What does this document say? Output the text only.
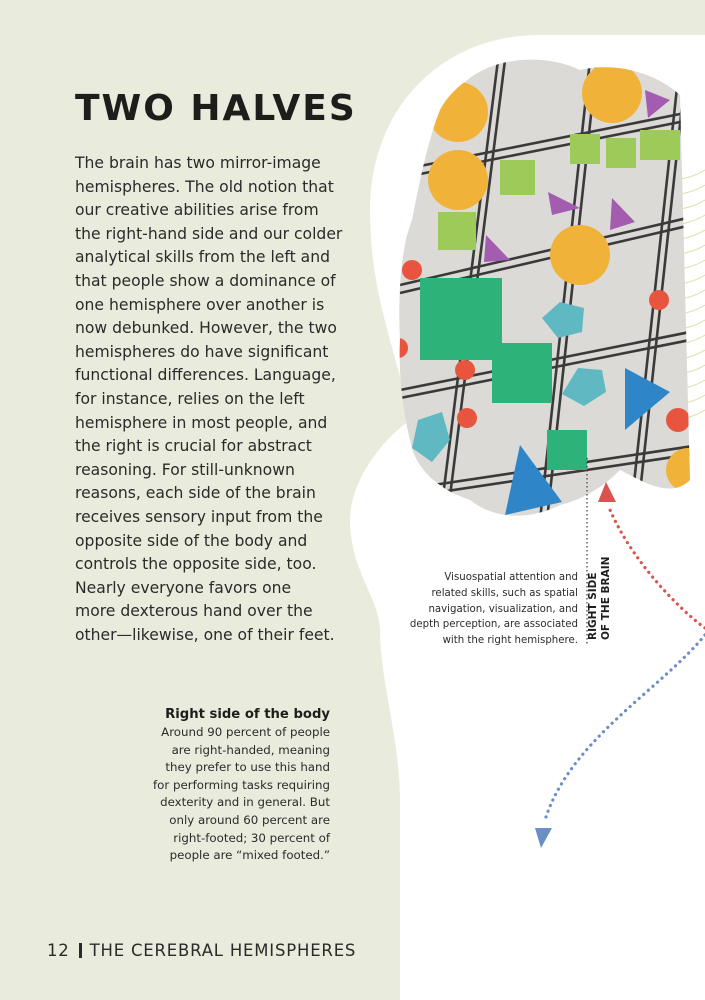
TWO HALVES

The brain has two mirror-image
hemispheres. The old notion that
our creative abilities arise from
the right-hand side and our colder
analytical skills from the left and
that people show a dominance of
one hemisphere over another is
now debunked. However, the two
hemispheres do have significant
functional differences. Language,
for instance, relies on the left
hemisphere in most people, and
the right is crucial for abstract
reasoning. For still-unknown
reasons, each side of the brain
receives sensory input from the
opposite side of the body and
controls the opposite side, too.
Nearly everyone favors one
more dexterous hand over the
other—likewise, one of their feet.

Visuospatial attention and
related skills, such as spatial
navigation, visualization, and
depth perception, are associated
with the right hemisphere.
RIGHT SIDE OF THE BRAIN
Right side of the body
Around 90 percent of people
are right-handed, meaning
they prefer to use this hand
for performing tasks requiring
dexterity and in general. But
only around 60 percent are
right-footed; 30 percent of
people are “mixed footed.”
12 THE CEREBRAL HEMISPHERES
